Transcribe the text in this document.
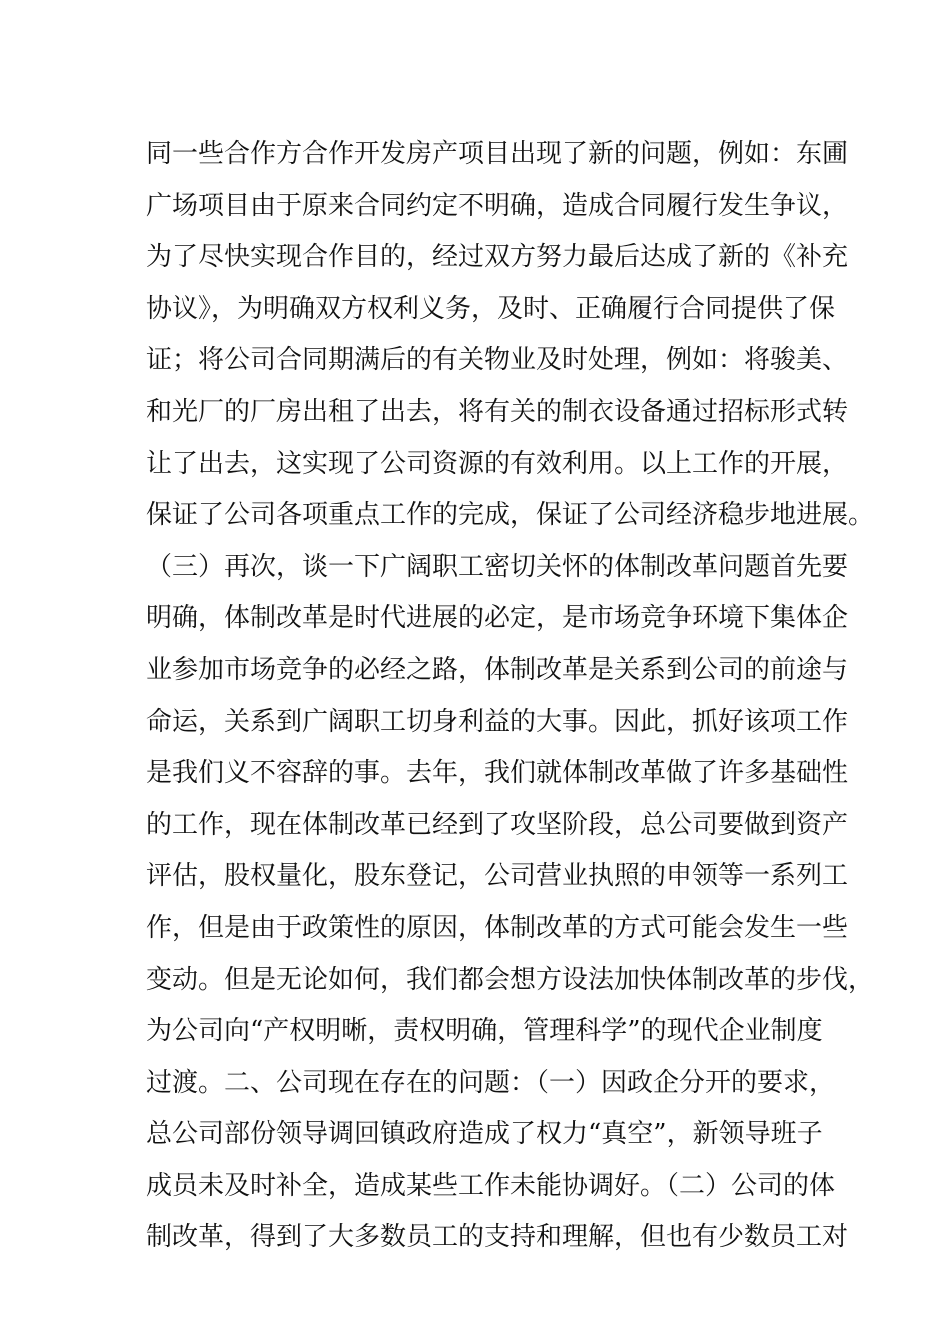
同一些合作方合作开发房产项目出现了新的问题，例如：东圃
广场项目由于原来合同约定不明确，造成合同履行发生争议，
为了尽快实现合作目的，经过双方努力最后达成了新的《补充
协议》，为明确双方权利义务，及时、正确履行合同提供了保
证；将公司合同期满后的有关物业及时处理，例如：将骏美、
和光厂的厂房出租了出去，将有关的制衣设备通过招标形式转
让了出去，这实现了公司资源的有效利用。以上工作的开展，
保证了公司各项重点工作的完成，保证了公司经济稳步地进展。
（三）再次，谈一下广阔职工密切关怀的体制改革问题首先要
明确，体制改革是时代进展的必定，是市场竞争环境下集体企
业参加市场竞争的必经之路，体制改革是关系到公司的前途与
命运，关系到广阔职工切身利益的大事。因此，抓好该项工作
是我们义不容辞的事。去年，我们就体制改革做了许多基础性
的工作，现在体制改革已经到了攻坚阶段，总公司要做到资产
评估，股权量化，股东登记，公司营业执照的申领等一系列工
作，但是由于政策性的原因，体制改革的方式可能会发生一些
变动。但是无论如何，我们都会想方设法加快体制改革的步伐，
为公司向“产权明晰，责权明确，管理科学”的现代企业制度
过渡。二、公司现在存在的问题：（一）因政企分开的要求，
总公司部份领导调回镇政府造成了权力“真空”，新领导班子
成员未及时补全，造成某些工作未能协调好。（二）公司的体
制改革，得到了大多数员工的支持和理解，但也有少数员工对
